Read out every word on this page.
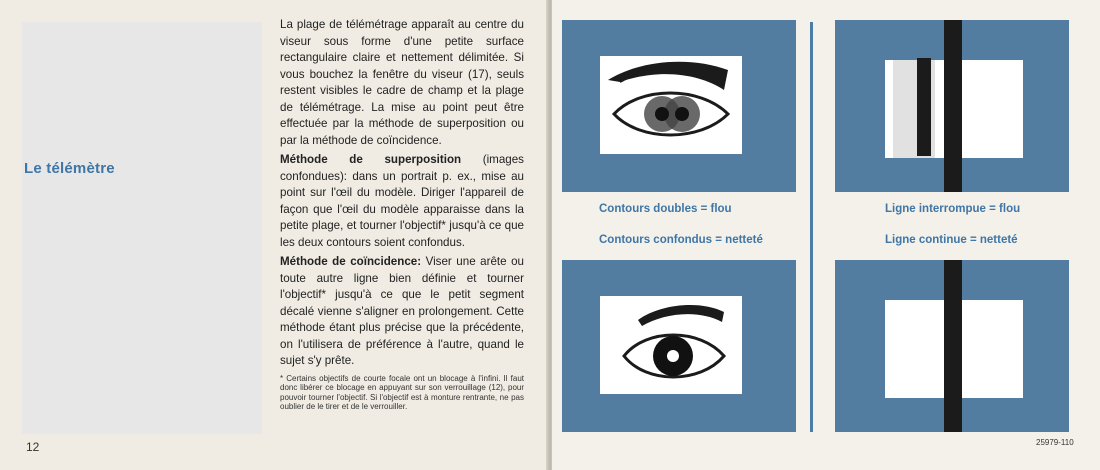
Le télémètre

La plage de télémétrage apparaît au centre du viseur sous forme d'une petite surface rectangulaire claire et nettement délimitée. Si vous bouchez la fenêtre du viseur (17), seuls restent visibles le cadre de champ et la plage de télémétrage. La mise au point peut être effectuée par la méthode de superposition ou par la méthode de coïncidence.

Méthode de superposition (images confondues): dans un portrait p. ex., mise au point sur l'œil du modèle. Diriger l'appareil de façon que l'œil du modèle apparaisse dans la petite plage, et tourner l'objectif* jusqu'à ce que les deux contours soient confondus.

Méthode de coïncidence: Viser une arête ou toute autre ligne bien définie et tourner l'objectif* jusqu'à ce que le petit segment décalé vienne s'aligner en prolongement. Cette méthode étant plus précise que la précédente, on l'utilisera de préférence à l'autre, quand le sujet s'y prête.

* Certains objectifs de courte focale ont un blocage à l'infini. Il faut donc libérer ce blocage en appuyant sur son verrouillage (12), pour pouvoir tourner l'objectif. Si l'objectif est à monture rentrante, ne pas oublier de le tirer et de le verrouiller.
12
Contours doubles = flou
Contours confondus = netteté
Ligne interrompue = flou
Ligne continue = netteté
25979-110
